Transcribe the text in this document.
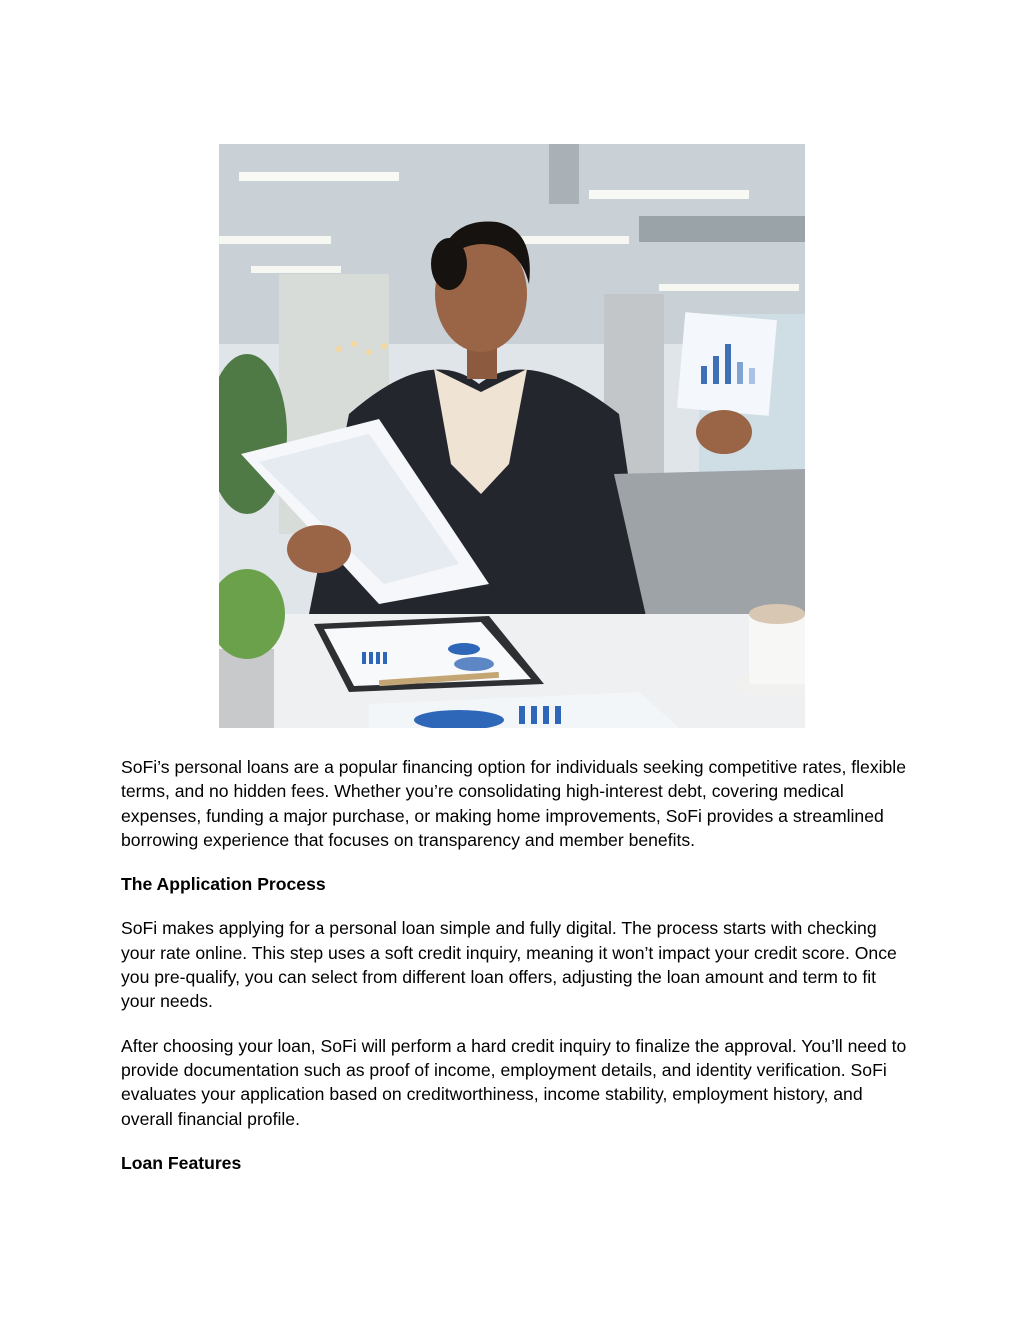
SoFi’s personal loans are a popular financing option for individuals seeking competitive rates, flexible terms, and no hidden fees. Whether you’re consolidating high-interest debt, covering medical expenses, funding a major purchase, or making home improvements, SoFi provides a streamlined borrowing experience that focuses on transparency and member benefits.

The Application Process

SoFi makes applying for a personal loan simple and fully digital. The process starts with checking your rate online. This step uses a soft credit inquiry, meaning it won’t impact your credit score. Once you pre-qualify, you can select from different loan offers, adjusting the loan amount and term to fit your needs.

After choosing your loan, SoFi will perform a hard credit inquiry to finalize the approval. You’ll need to provide documentation such as proof of income, employment details, and identity verification. SoFi evaluates your application based on creditworthiness, income stability, employment history, and overall financial profile.

Loan Features
